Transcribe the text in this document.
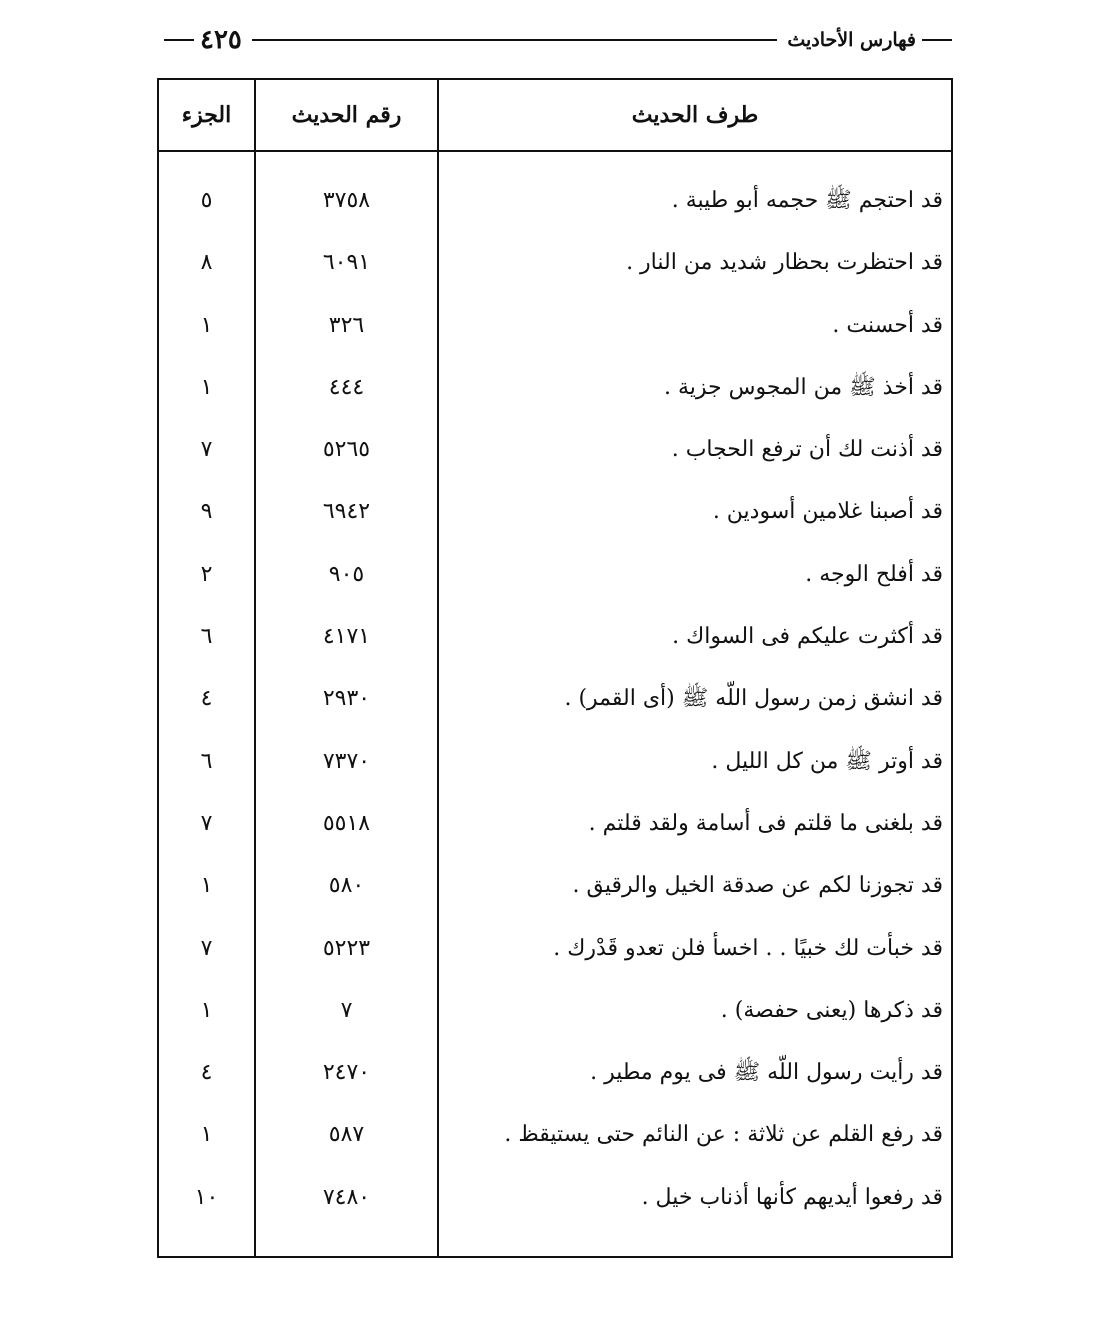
فهارس الأحاديث
٤٢٥
طرف الحديث
رقم الحديث
الجزء
قد احتجم ﷺ حجمه أبو طيبة .
٣٧٥٨
٥
قد احتظرت بحظار شديد من النار .
٦٠٩١
٨
قد أحسنت .
٣٢٦
١
قد أخذ ﷺ من المجوس جزية .
٤٤٤
١
قد أذنت لك أن ترفع الحجاب .
٥٢٦٥
٧
قد أصبنا غلامين أسودين .
٦٩٤٢
٩
قد أفلح الوجه .
٩٠٥
٢
قد أكثرت عليكم فى السواك .
٤١٧١
٦
قد انشق زمن رسول اللّه ﷺ (أى القمر) .
٢٩٣٠
٤
قد أوتر ﷺ من كل الليل .
٧٣٧٠
٦
قد بلغنى ما قلتم فى أسامة ولقد قلتم .
٥٥١٨
٧
قد تجوزنا لكم عن صدقة الخيل والرقيق .
٥٨٠
١
قد خبأت لك خبيًا . . اخسأ فلن تعدو قَدْرك .
٥٢٢٣
٧
قد ذكرها (يعنى حفصة) .
٧
١
قد رأيت رسول اللّه ﷺ فى يوم مطير .
٢٤٧٠
٤
قد رفع القلم عن ثلاثة : عن النائم حتى يستيقظ .
٥٨٧
١
قد رفعوا أيديهم كأنها أذناب خيل .
٧٤٨٠
١٠
